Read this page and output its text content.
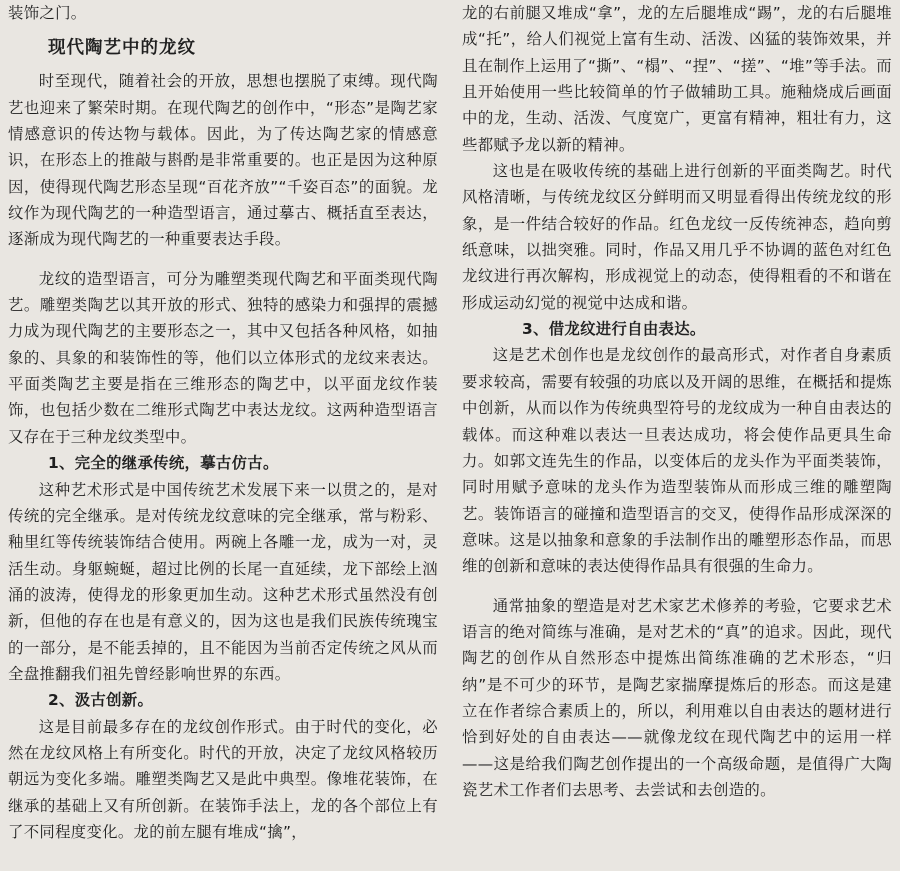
装饰之门。

现代陶艺中的龙纹

时至现代，随着社会的开放，思想也摆脱了束缚。现代陶艺也迎来了繁荣时期。在现代陶艺的创作中，“形态”是陶艺家情感意识的传达物与载体。因此，为了传达陶艺家的情感意识，在形态上的推敲与斟酌是非常重要的。也正是因为这种原因，使得现代陶艺形态呈现“百花齐放”“千姿百态”的面貌。龙纹作为现代陶艺的一种造型语言，通过摹古、概括直至表达，逐渐成为现代陶艺的一种重要表达手段。

龙纹的造型语言，可分为雕塑类现代陶艺和平面类现代陶艺。雕塑类陶艺以其开放的形式、独特的感染力和强捍的震撼力成为现代陶艺的主要形态之一，其中又包括各种风格，如抽象的、具象的和装饰性的等，他们以立体形式的龙纹来表达。平面类陶艺主要是指在三维形态的陶艺中，以平面龙纹作装饰，也包括少数在二维形式陶艺中表达龙纹。这两种造型语言又存在于三种龙纹类型中。

1、完全的继承传统，摹古仿古。

这种艺术形式是中国传统艺术发展下来一以贯之的，是对传统的完全继承。是对传统龙纹意味的完全继承，常与粉彩、釉里红等传统装饰结合使用。两碗上各雕一龙，成为一对，灵活生动。身躯蜿蜒，超过比例的长尾一直延续，龙下部绘上汹涌的波涛，使得龙的形象更加生动。这种艺术形式虽然没有创新，但他的存在也是有意义的，因为这也是我们民族传统瑰宝的一部分，是不能丢掉的，且不能因为当前否定传统之风从而全盘推翻我们祖先曾经影响世界的东西。

2、汲古创新。

这是目前最多存在的龙纹创作形式。由于时代的变化，必然在龙纹风格上有所变化。时代的开放，决定了龙纹风格较历朝远为变化多端。雕塑类陶艺又是此中典型。像堆花装饰，在继承的基础上又有所创新。在装饰手法上，龙的各个部位上有了不同程度变化。龙的前左腿有堆成“擒”，

龙的右前腿又堆成“拿”，龙的左后腿堆成“踢”，龙的右后腿堆成“托”，给人们视觉上富有生动、活泼、凶猛的装饰效果，并且在制作上运用了“撕”、“榻”、“捏”、“搓”、“堆”等手法。而且开始使用一些比较简单的竹子做辅助工具。施釉烧成后画面中的龙，生动、活泼、气度宽广，更富有精神，粗壮有力，这些都赋予龙以新的精神。

这也是在吸收传统的基础上进行创新的平面类陶艺。时代风格清晰，与传统龙纹区分鲜明而又明显看得出传统龙纹的形象，是一件结合较好的作品。红色龙纹一反传统神态，趋向剪纸意味，以拙突雅。同时，作品又用几乎不协调的蓝色对红色龙纹进行再次解构，形成视觉上的动态，使得粗看的不和谐在形成运动幻觉的视觉中达成和谐。

3、借龙纹进行自由表达。

这是艺术创作也是龙纹创作的最高形式，对作者自身素质要求较高，需要有较强的功底以及开阔的思维，在概括和提炼中创新，从而以作为传统典型符号的龙纹成为一种自由表达的载体。而这种难以表达一旦表达成功，将会使作品更具生命力。如郭文连先生的作品，以变体后的龙头作为平面类装饰，同时用赋予意味的龙头作为造型装饰从而形成三维的雕塑陶艺。装饰语言的碰撞和造型语言的交叉，使得作品形成深深的意味。这是以抽象和意象的手法制作出的雕塑形态作品，而思维的创新和意味的表达使得作品具有很强的生命力。

通常抽象的塑造是对艺术家艺术修养的考验，它要求艺术语言的绝对简练与准确，是对艺术的“真”的追求。因此，现代陶艺的创作从自然形态中提炼出简练准确的艺术形态，“归纳”是不可少的环节，是陶艺家揣摩提炼后的形态。而这是建立在作者综合素质上的，所以，利用难以自由表达的题材进行恰到好处的自由表达——就像龙纹在现代陶艺中的运用一样——这是给我们陶艺创作提出的一个高级命题，是值得广大陶瓷艺术工作者们去思考、去尝试和去创造的。
